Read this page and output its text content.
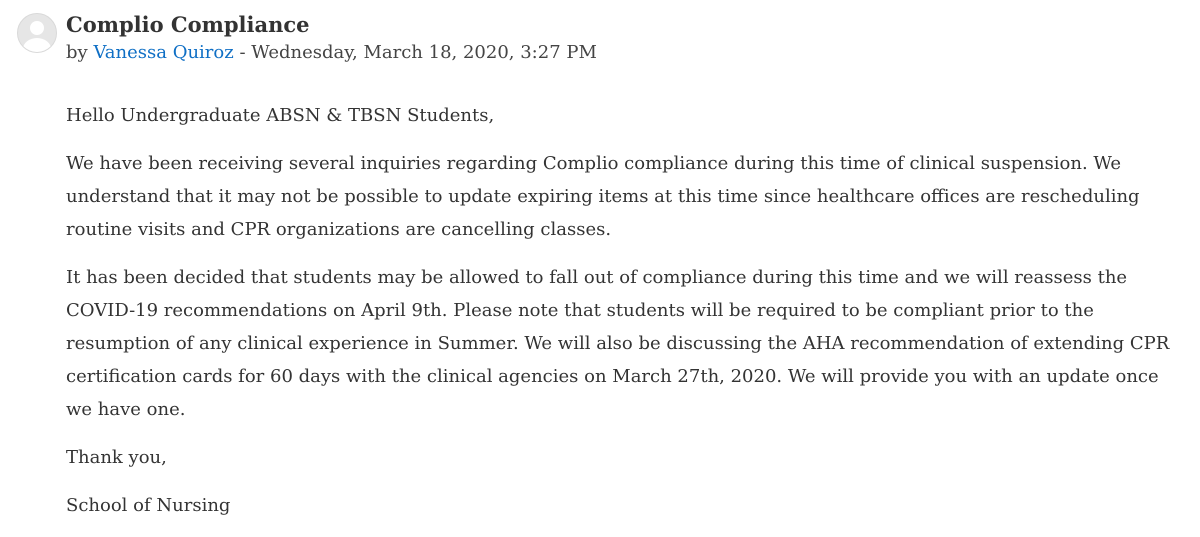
Complio Compliance
by Vanessa Quiroz - Wednesday, March 18, 2020, 3:27 PM

Hello Undergraduate ABSN & TBSN Students,

We have been receiving several inquiries regarding Complio compliance during this time of clinical suspension. We understand that it may not be possible to update expiring items at this time since healthcare offices are rescheduling routine visits and CPR organizations are cancelling classes.

It has been decided that students may be allowed to fall out of compliance during this time and we will reassess the COVID-19 recommendations on April 9th. Please note that students will be required to be compliant prior to the resumption of any clinical experience in Summer. We will also be discussing the AHA recommendation of extending CPR certification cards for 60 days with the clinical agencies on March 27th, 2020. We will provide you with an update once we have one.

Thank you,

School of Nursing
